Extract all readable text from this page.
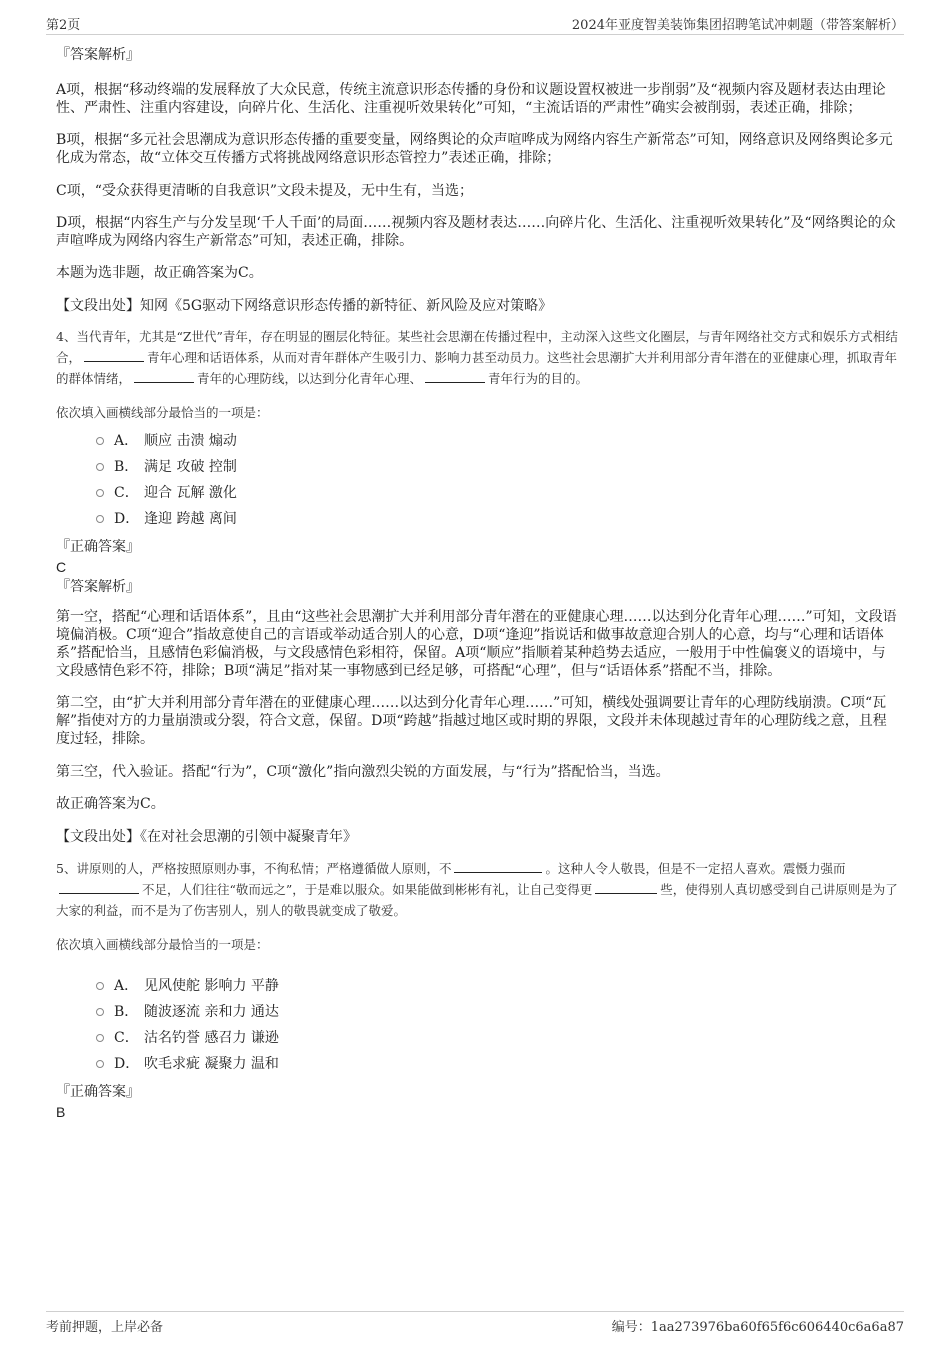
第2页	2024年亚度智美装饰集团招聘笔试冲刺题（带答案解析）

『答案解析』

A项，根据“移动终端的发展释放了大众民意，传统主流意识形态传播的身份和议题设置权被进一步削弱”及“视频内容及题材表达由理论性、严肃性、注重内容建设，向碎片化、生活化、注重视听效果转化”可知，“主流话语的严肃性”确实会被削弱，表述正确，排除；

B项，根据“多元社会思潮成为意识形态传播的重要变量，网络舆论的众声喧哗成为网络内容生产新常态”可知，网络意识及网络舆论多元化成为常态，故“立体交互传播方式将挑战网络意识形态管控力”表述正确，排除；

C项，“受众获得更清晰的自我意识”文段未提及，无中生有，当选；

D项，根据“内容生产与分发呈现‘千人千面’的局面……视频内容及题材表达……向碎片化、生活化、注重视听效果转化”及“网络舆论的众声喧哗成为网络内容生产新常态”可知，表述正确，排除。

本题为选非题，故正确答案为C。

【文段出处】知网《5G驱动下网络意识形态传播的新特征、新风险及应对策略》

4、当代青年，尤其是“Z世代”青年，存在明显的圈层化特征。某些社会思潮在传播过程中，主动深入这些文化圈层，与青年网络社交方式和娱乐方式相结合，	青年心理和话语体系，从而对青年群体产生吸引力、影响力甚至动员力。这些社会思潮扩大并利用部分青年潜在的亚健康心理，抓取青年的群体情绪，	青年的心理防线，以达到分化青年心理、	青年行为的目的。

依次填入画横线部分最恰当的一项是：

A． 顺应 击溃 煽动
B． 满足 攻破 控制
C． 迎合 瓦解 激化
D． 逢迎 跨越 离间

『正确答案』

C

『答案解析』

第一空，搭配“心理和话语体系”，且由“这些社会思潮扩大并利用部分青年潜在的亚健康心理……以达到分化青年心理……”可知，文段语境偏消极。C项“迎合”指故意使自己的言语或举动适合别人的心意，D项“逢迎”指说话和做事故意迎合别人的心意，均与“心理和话语体系”搭配恰当，且感情色彩偏消极，与文段感情色彩相符，保留。A项“顺应”指顺着某种趋势去适应，一般用于中性偏褒义的语境中，与文段感情色彩不符，排除；B项“满足”指对某一事物感到已经足够，可搭配“心理”，但与“话语体系”搭配不当，排除。

第二空，由“扩大并利用部分青年潜在的亚健康心理……以达到分化青年心理……”可知，横线处强调要让青年的心理防线崩溃。C项“瓦解”指使对方的力量崩溃或分裂，符合文意，保留。D项“跨越”指越过地区或时期的界限，文段并未体现越过青年的心理防线之意，且程度过轻，排除。

第三空，代入验证。搭配“行为”，C项“激化”指向激烈尖锐的方面发展，与“行为”搭配恰当，当选。

故正确答案为C。

【文段出处】《在对社会思潮的引领中凝聚青年》

5、讲原则的人，严格按照原则办事，不徇私情；严格遵循做人原则，不	。这种人令人敬畏，但是不一定招人喜欢。震慑力强而不足，人们往往“敬而远之”，于是难以服众。如果能做到彬彬有礼，让自己变得更	些，使得别人真切感受到自己讲原则是为了大家的利益，而不是为了伤害别人，别人的敬畏就变成了敬爱。

依次填入画横线部分最恰当的一项是：

A． 见风使舵 影响力 平静
B． 随波逐流 亲和力 通达
C． 沽名钓誉 感召力 谦逊
D． 吹毛求疵 凝聚力 温和

『正确答案』

B

考前押题，上岸必备	编号：1aa273976ba60f65f6c606440c6a6a87
